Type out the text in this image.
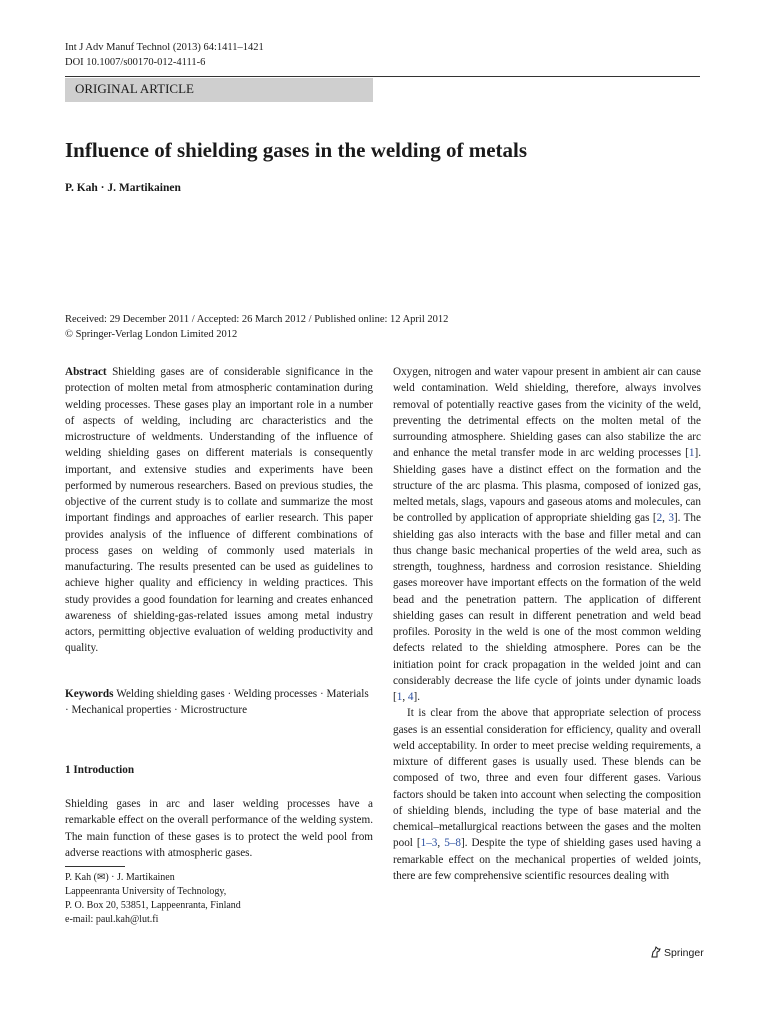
Int J Adv Manuf Technol (2013) 64:1411–1421
DOI 10.1007/s00170-012-4111-6
ORIGINAL ARTICLE
Influence of shielding gases in the welding of metals
P. Kah · J. Martikainen
Received: 29 December 2011 / Accepted: 26 March 2012 / Published online: 12 April 2012
© Springer-Verlag London Limited 2012

Abstract Shielding gases are of considerable significance in the protection of molten metal from atmospheric contamination during welding processes. These gases play an important role in a number of aspects of welding, including arc characteristics and the microstructure of weldments. Understanding of the influence of welding shielding gases on different materials is consequently important, and extensive studies and experiments have been performed by numerous researchers. Based on previous studies, the objective of the current study is to collate and summarize the most important findings and approaches of earlier research. This paper provides analysis of the influence of different combinations of process gases on welding of commonly used materials in manufacturing. The results presented can be used as guidelines to achieve higher quality and efficiency in welding practices. This study provides a good foundation for learning and creates enhanced awareness of shielding-gas-related issues among metal industry actors, permitting objective evaluation of welding productivity and quality.

Keywords Welding shielding gases · Welding processes · Materials · Mechanical properties · Microstructure
1 Introduction

Shielding gases in arc and laser welding processes have a remarkable effect on the overall performance of the welding system. The main function of these gases is to protect the weld pool from adverse reactions with atmospheric gases.

P. Kah (✉) · J. Martikainen
Lappeenranta University of Technology,
P. O. Box 20, 53851, Lappeenranta, Finland
e-mail: paul.kah@lut.fi

Oxygen, nitrogen and water vapour present in ambient air can cause weld contamination. Weld shielding, therefore, always involves removal of potentially reactive gases from the vicinity of the weld, preventing the detrimental effects on the molten metal of the surrounding atmosphere. Shielding gases can also stabilize the arc and enhance the metal transfer mode in arc welding processes [1]. Shielding gases have a distinct effect on the formation and the structure of the arc plasma. This plasma, composed of ionized gas, melted metals, slags, vapours and gaseous atoms and molecules, can be controlled by application of appropriate shielding gas [2, 3]. The shielding gas also interacts with the base and filler metal and can thus change basic mechanical properties of the weld area, such as strength, toughness, hardness and corrosion resistance. Shielding gases moreover have important effects on the formation of the weld bead and the penetration pattern. The application of different shielding gases can result in different penetration and weld bead profiles. Porosity in the weld is one of the most common welding defects related to the shielding atmosphere. Pores can be the initiation point for crack propagation in the welded joint and can considerably decrease the life cycle of joints under dynamic loads [1, 4].

It is clear from the above that appropriate selection of process gases is an essential consideration for efficiency, quality and overall weld acceptability. In order to meet precise welding requirements, a mixture of different gases is usually used. These blends can be composed of two, three and even four different gases. Various factors should be taken into account when selecting the composition of shielding blends, including the type of base material and the chemical–metallurgical reactions between the gases and the molten pool [1–3, 5–8]. Despite the type of shielding gases used having a remarkable effect on the mechanical properties of welded joints, there are few comprehensive scientific resources dealing with

Springer
